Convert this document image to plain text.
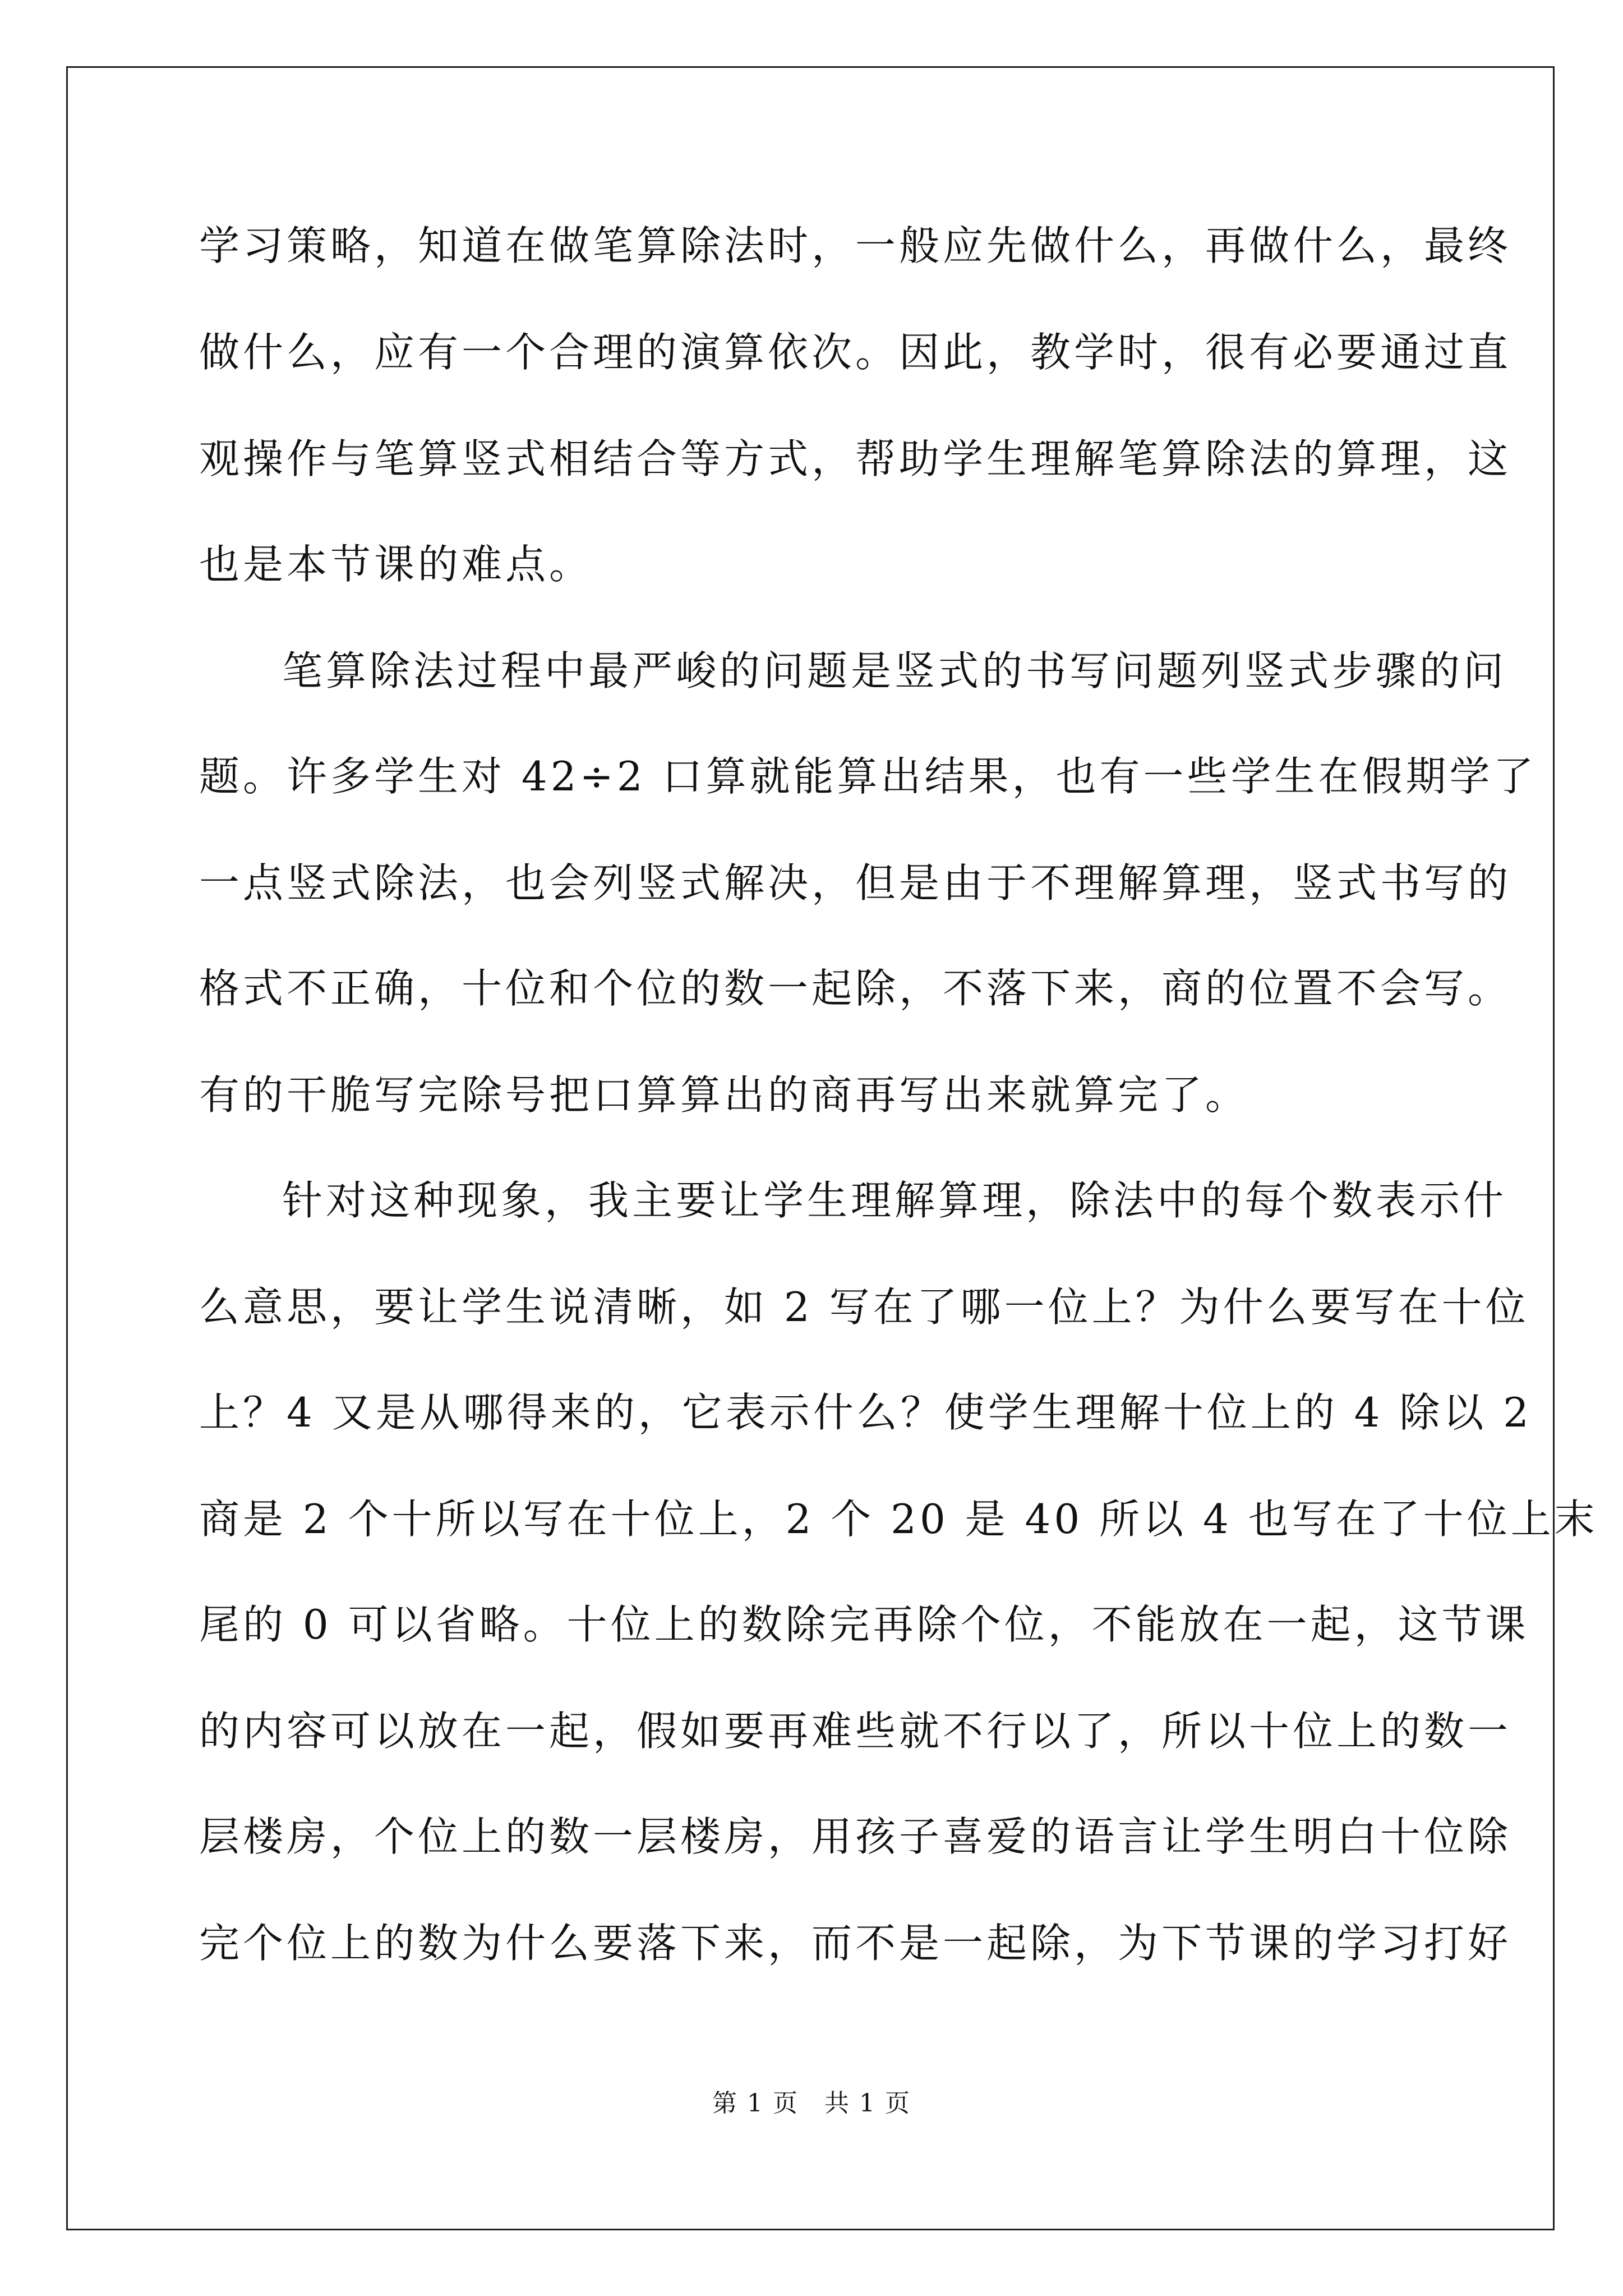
学习策略，知道在做笔算除法时，一般应先做什么，再做什么，最终
做什么，应有一个合理的演算依次。因此，教学时，很有必要通过直
观操作与笔算竖式相结合等方式，帮助学生理解笔算除法的算理，这
也是本节课的难点。
笔算除法过程中最严峻的问题是竖式的书写问题列竖式步骤的问
题。许多学生对 42÷2 口算就能算出结果，也有一些学生在假期学了
一点竖式除法，也会列竖式解决，但是由于不理解算理，竖式书写的
格式不正确，十位和个位的数一起除，不落下来，商的位置不会写。
有的干脆写完除号把口算算出的商再写出来就算完了。
针对这种现象，我主要让学生理解算理，除法中的每个数表示什
么意思，要让学生说清晰，如 2 写在了哪一位上？为什么要写在十位
上？4 又是从哪得来的，它表示什么？使学生理解十位上的 4 除以 2
商是 2 个十所以写在十位上，2 个 20 是 40 所以 4 也写在了十位上末
尾的 0 可以省略。十位上的数除完再除个位，不能放在一起，这节课
的内容可以放在一起，假如要再难些就不行以了，所以十位上的数一
层楼房，个位上的数一层楼房，用孩子喜爱的语言让学生明白十位除
完个位上的数为什么要落下来，而不是一起除，为下节课的学习打好
第 1 页　共 1 页
